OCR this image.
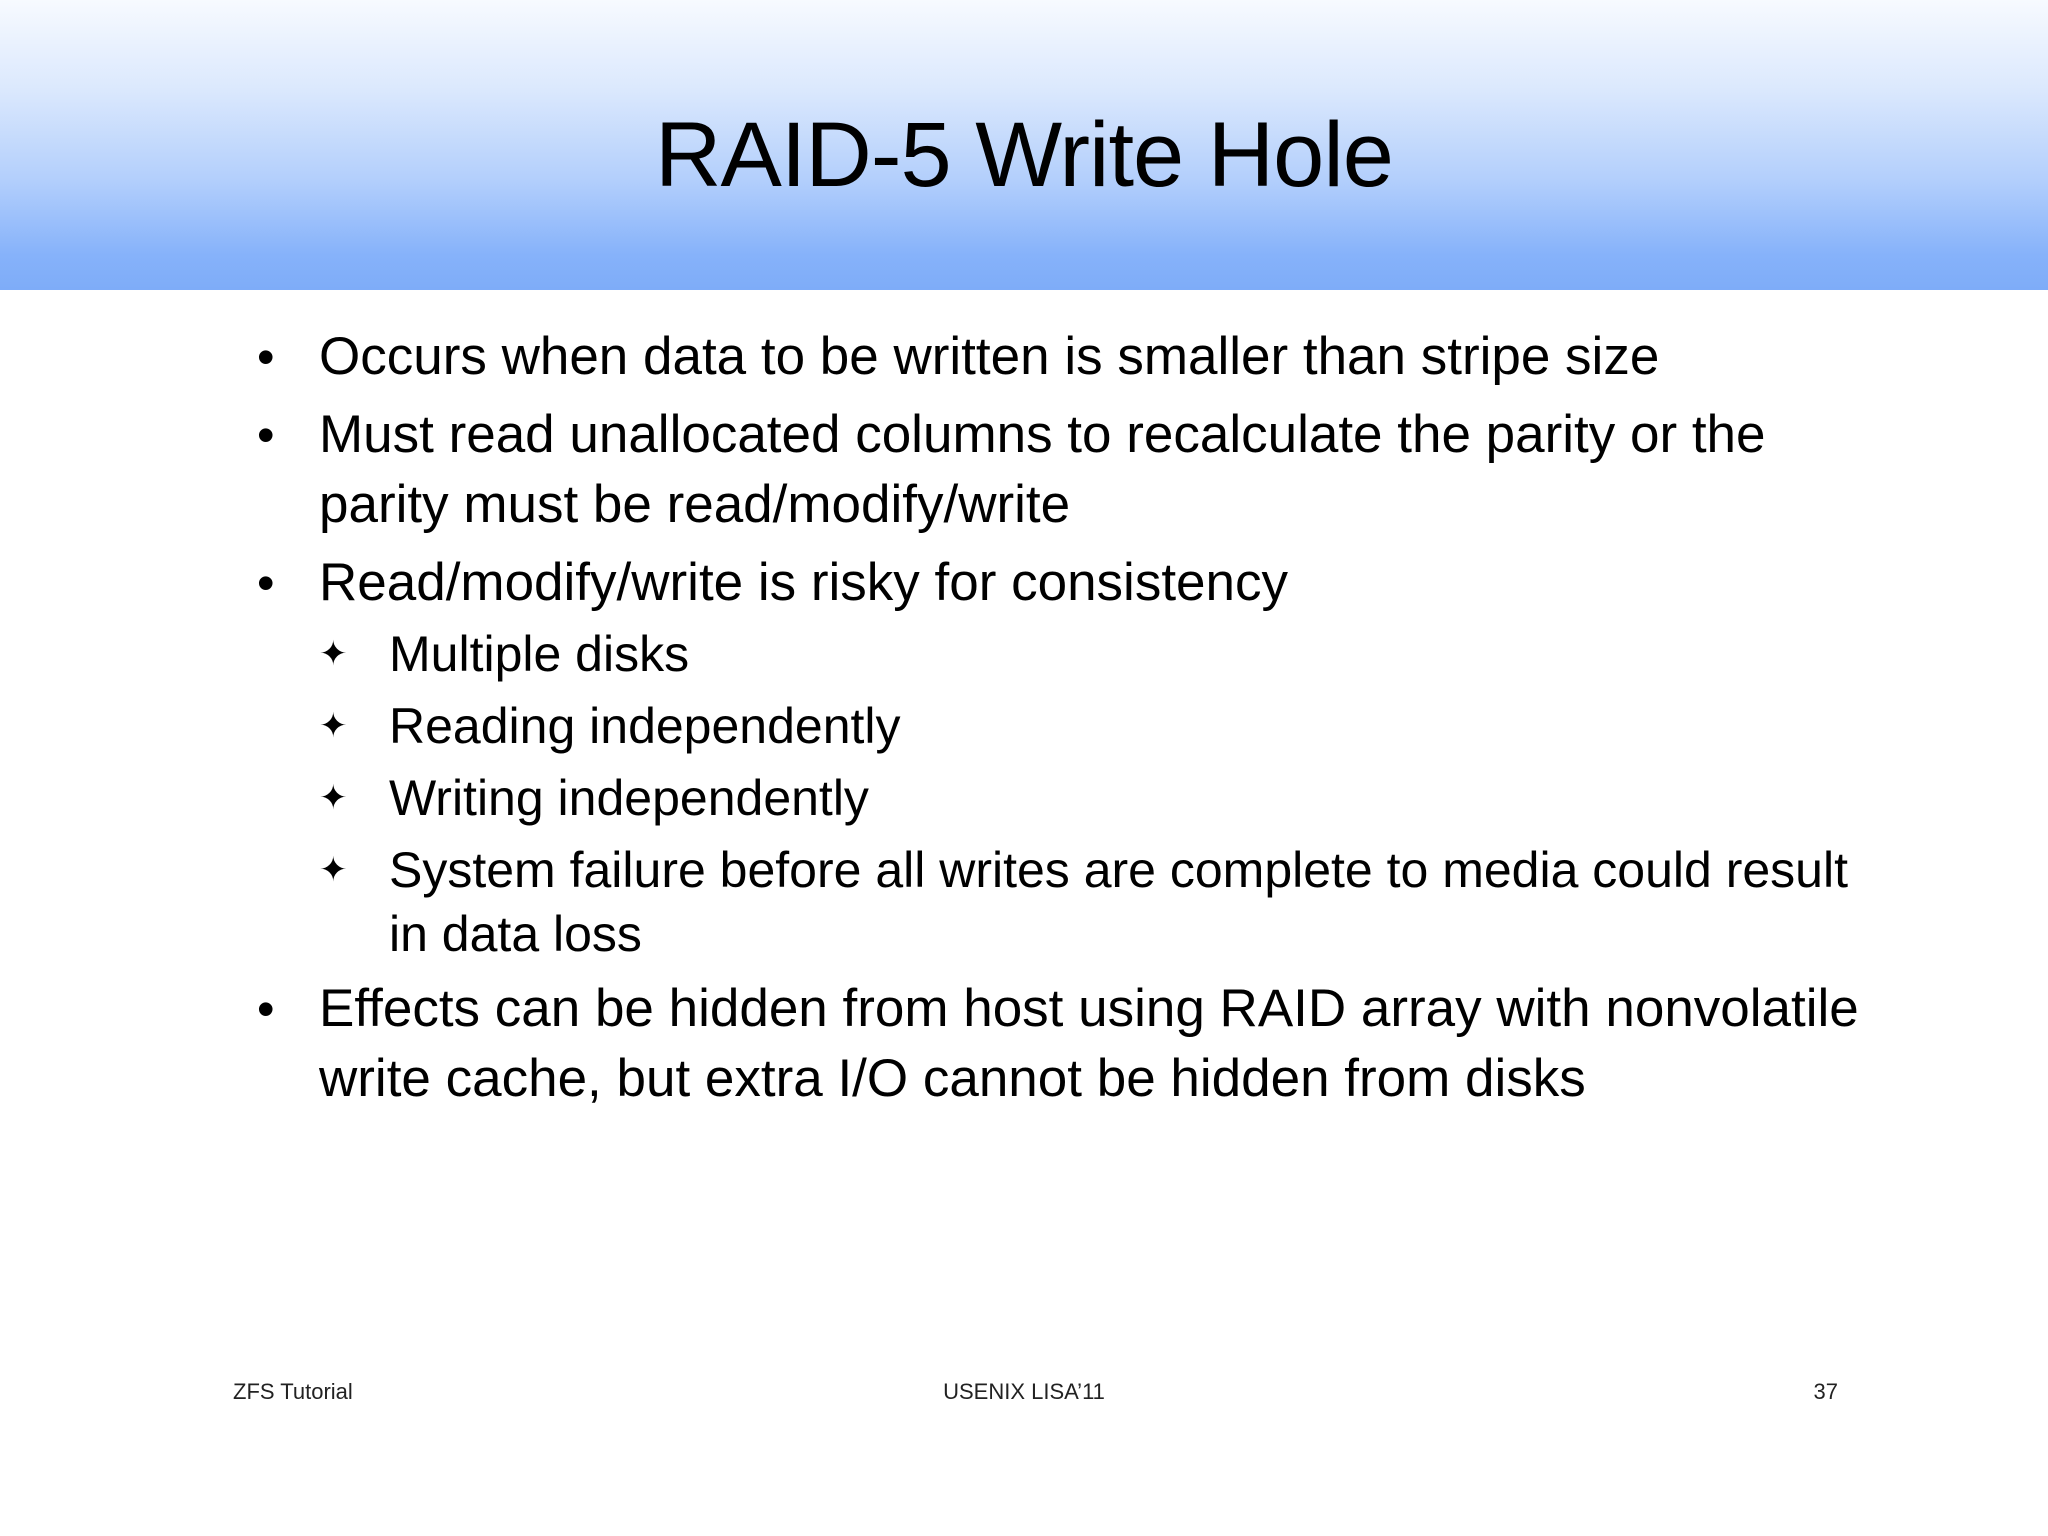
RAID-5 Write Hole
• Occurs when data to be written is smaller than stripe size
• Must read unallocated columns to recalculate the parity or the parity must be read/modify/write
• Read/modify/write is risky for consistency
✦ Multiple disks
✦ Reading independently
✦ Writing independently
✦ System failure before all writes are complete to media could result in data loss
• Effects can be hidden from host using RAID array with nonvolatile write cache, but extra I/O cannot be hidden from disks
ZFS Tutorial	USENIX LISA’11	37
